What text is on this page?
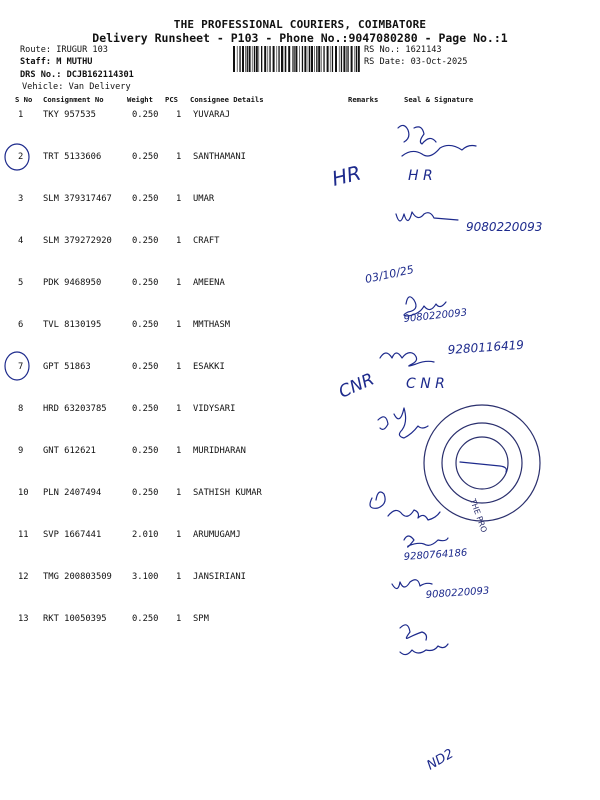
THE PROFESSIONAL COURIERS, COIMBATORE
Delivery Runsheet - P103 - Phone No.:9047080280 - Page No.:1
Route: IRUGUR 103
Staff: M MUTHU
DRS No.: DCJB162114301
Vehicle: Van Delivery
RS No.: 1621143
RS Date: 03-Oct-2025
S No Consignment No	Weight PCS Consignee Details	Remarks	Seal & Signature
1 TKY 957535	0.250 1 YUVARAJ
2 TRT 5133606	0.250 1 SANTHAMANI
3 SLM 379317467 0.250 1 UMAR
4 SLM 379272920 0.250 1 CRAFT
5 PDK 9468950	0.250 1 AMEENA
6 TVL 8130195	0.250 1 MMTHASM
7 GPT 51863	0.250 1 ESAKKI
8 HRD 63203785	0.250 1 VIDYSARI
9 GNT 612621	0.250 1 MURIDHARAN
10 PLN 2407494	0.250 1 SATHISH KUMAR
11 SVP 1667441	2.010 1 ARUMUGAMJ
12 TMG 200803509 3.100 1 JANSIRIANI
13 RKT 10050395	0.250 1 SPM
HR	H R
9080220093
03/10/25
9080220093
9280116419
CNR C N R
THE PRO
9280764186
9080220093
ND2
